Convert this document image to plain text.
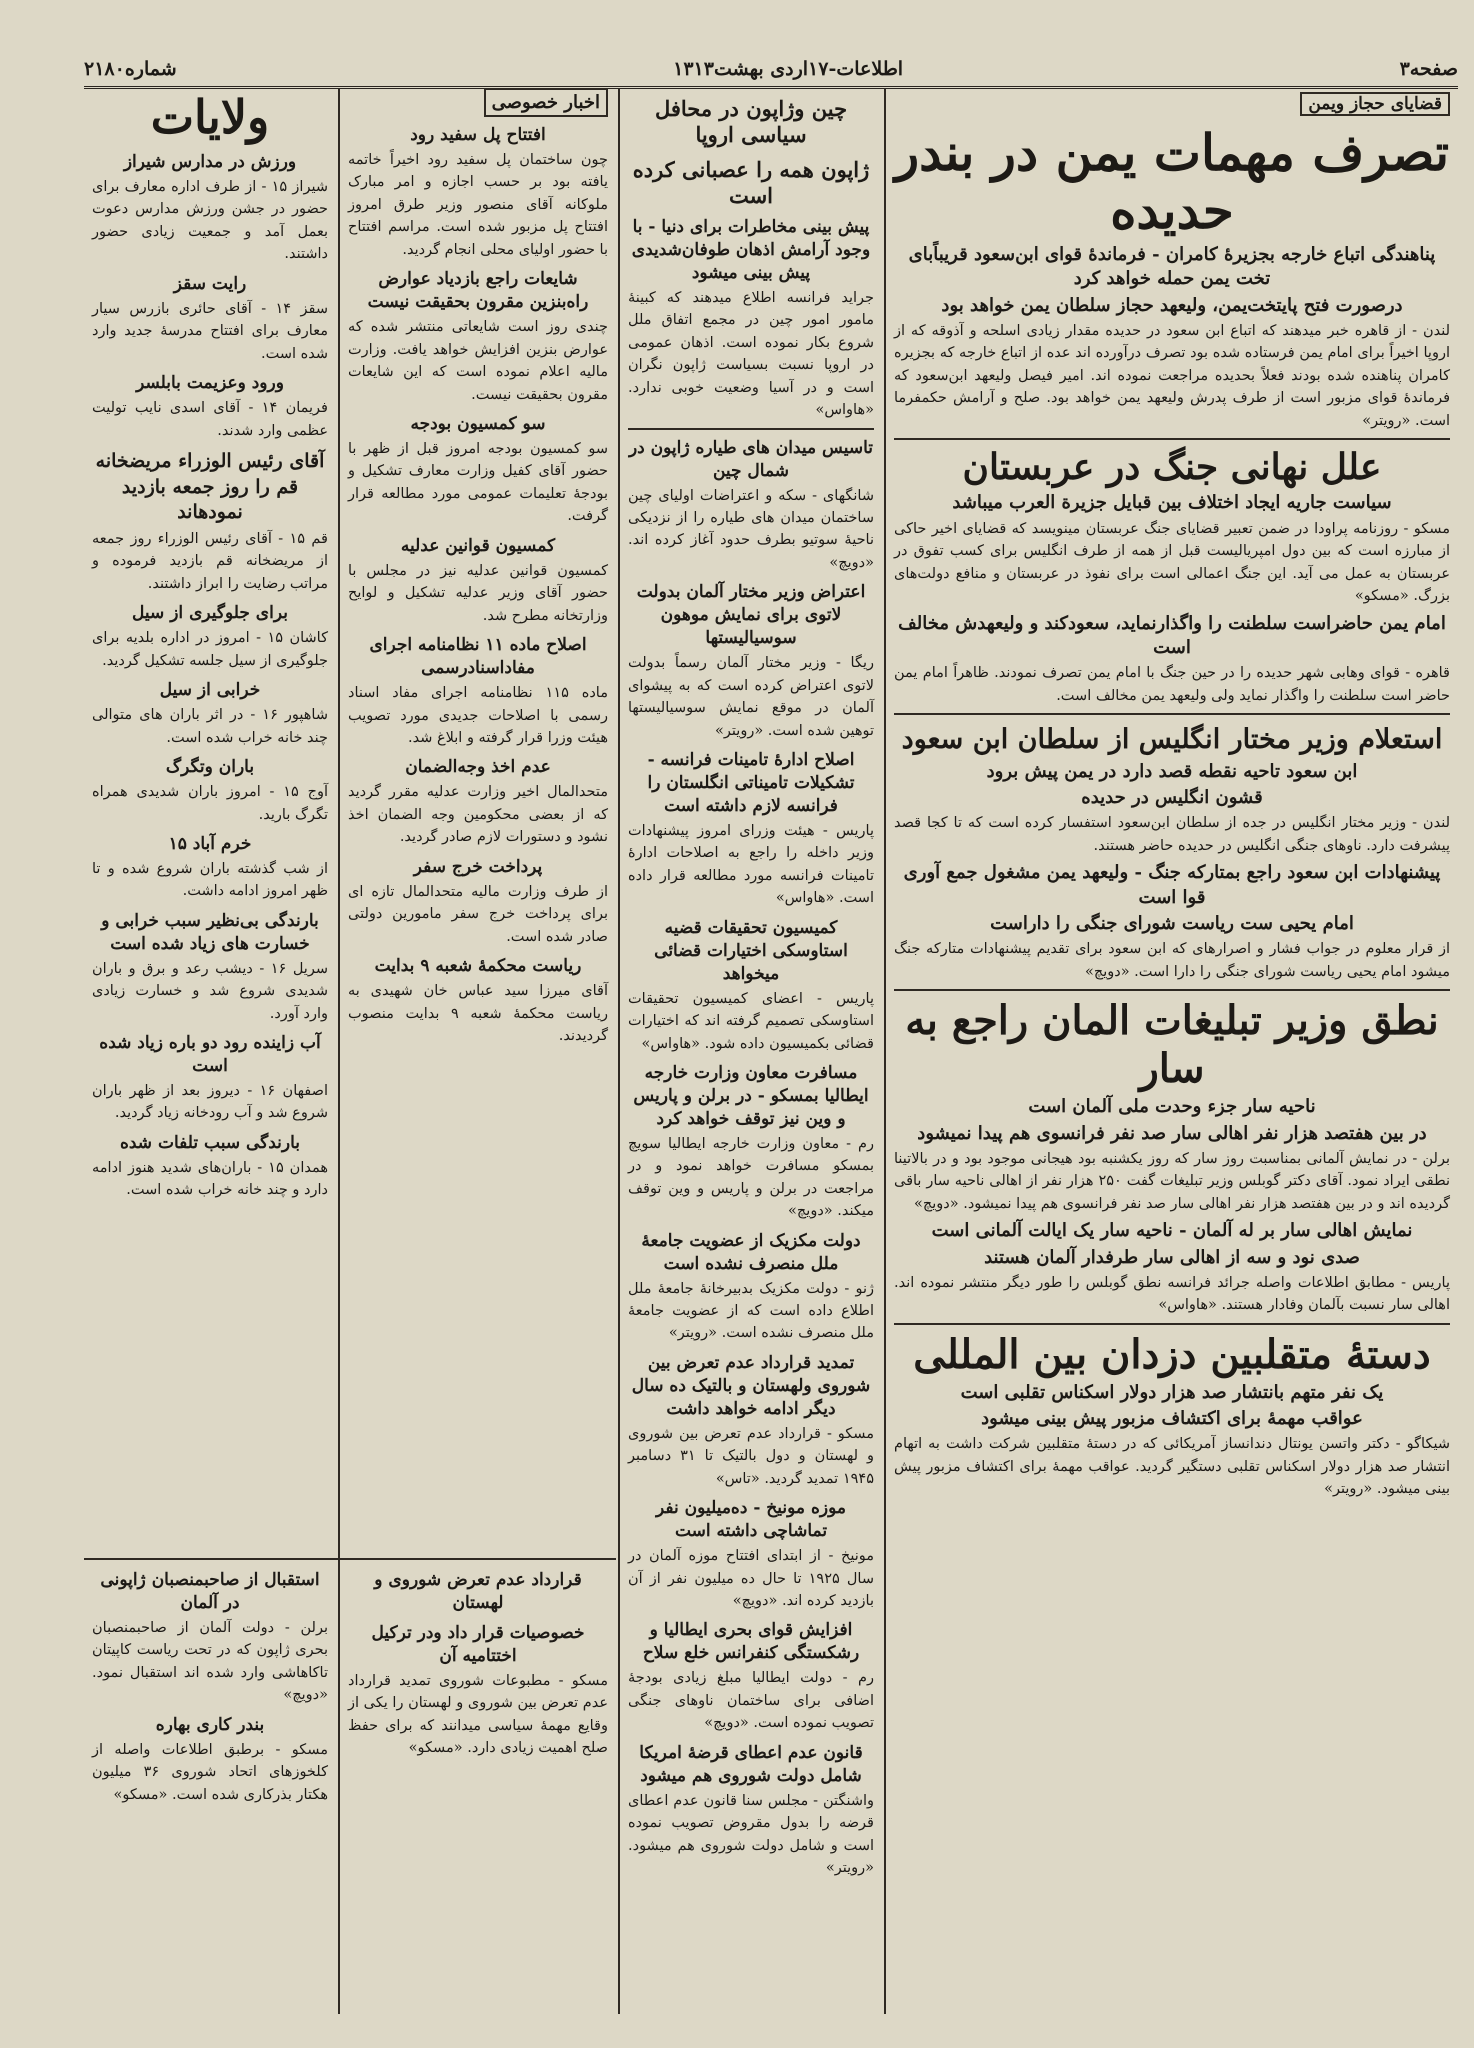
صفحه۳
اطلاعات-۱۷اردی بهشت۱۳۱۳
شماره۲۱۸۰
قضایای حجاز ویمن
تصرف مهمات یمن در بندر حدیده
پناهندگی اتباع خارجه بجزیرهٔ کامران - فرماندهٔ قوای ابن‌سعود قریباًبای تخت یمن حمله خواهد کرد
درصورت فتح پایتخت‌یمن، ولیعهد حجاز سلطان یمن خواهد بود

لندن - از قاهره خبر میدهند که اتباع ابن سعود در حدیده مقدار زیادی اسلحه و آذوقه که از اروپا اخیراً برای امام یمن فرستاده شده بود تصرف درآورده اند عده از اتباع خارجه که بجزیره کامران پناهنده شده بودند فعلاً بحدیده مراجعت نموده اند. امیر فیصل ولیعهد ابن‌سعود که فرماندهٔ قوای مزبور است از طرف پدرش ولیعهد یمن خواهد بود. صلح و آرامش حکمفرما است. «رویتر»

علل نهانی جنگ در عربستان
سیاست جاریه ایجاد اختلاف بین قبایل جزیرة العرب میباشد

مسکو - روزنامه پراودا در ضمن تعبیر قضایای جنگ عربستان مینویسد که قضایای اخیر حاکی از مبارزه است که بین دول امپریالیست قبل از همه از طرف انگلیس برای کسب تفوق در عربستان به عمل می آید. این جنگ اعمالی است برای نفوذ در عربستان و منافع دولت‌های بزرگ. «مسکو»

امام یمن حاضراست سلطنت را واگذارنماید، سعودکند و ولیعهدش مخالف است

قاهره - قوای وهابی شهر حدیده را در حین جنگ با امام یمن تصرف نمودند. ظاهراً امام یمن حاضر است سلطنت را واگذار نماید ولی ولیعهد یمن مخالف است.

استعلام وزیر مختار انگلیس از سلطان ابن سعود
ابن سعود تاحیه نقطه قصد دارد در یمن پیش برود
قشون انگلیس در حدیده

لندن - وزیر مختار انگلیس در جده از سلطان ابن‌سعود استفسار کرده است که تا کجا قصد پیشرفت دارد. ناوهای جنگی انگلیس در حدیده حاضر هستند.

پیشنهادات ابن سعود راجع بمتارکه جنگ - ولیعهد یمن مشغول جمع آوری قوا است
امام یحیی ست ریاست شورای جنگی را داراست

از قرار معلوم در جواب فشار و اصرار‌های که ابن سعود برای تقدیم پیشنهادات متارکه جنگ میشود امام یحیی ریاست شورای جنگی را دارا است. «دویچ»

نطق وزیر تبلیغات المان راجع به سار
ناحیه سار جزء وحدت ملی آلمان است
در بین هفتصد هزار نفر اهالی سار صد نفر فرانسوی هم پیدا نمیشود

برلن - در نمایش آلمانی بمناسبت روز سار که روز یکشنبه بود هیجانی موجود بود و در بالاتینا نطقی ایراد نمود. آقای دکتر گوبلس وزیر تبلیغات گفت ۲۵۰ هزار نفر از اهالی ناحیه سار باقی گردیده اند و در بین هفتصد هزار نفر اهالی سار صد نفر فرانسوی هم پیدا نمیشود. «دویچ»

نمایش اهالی سار بر له آلمان - ناحیه سار یک ایالت آلمانی است
صدی نود و سه از اهالی سار طرفدار آلمان هستند

پاریس - مطابق اطلاعات واصله جرائد فرانسه نطق گوبلس را طور دیگر منتشر نموده اند. اهالی سار نسبت بآلمان وفادار هستند. «هاواس»

دستهٔ متقلبین دزدان بین المللی
یک نفر متهم بانتشار صد هزار دولار اسکناس تقلبی است
عواقب مهمهٔ برای اکتشاف مزبور پیش بینی میشود

شیکاگو - دکتر واتسن یونتال دندانساز آمریکائی که در دستهٔ متقلبین شرکت داشت به اتهام انتشار صد هزار دولار اسکناس تقلبی دستگیر گردید. عواقب مهمهٔ برای اکتشاف مزبور پیش بینی میشود. «رویتر»

چین وژاپون در محافل سیاسی اروپا
ژاپون همه را عصبانی کرده است
پیش بینی مخاطرات برای دنیا - با وجود آرامش اذهان طوفان‌شدیدی پیش بینی میشود

جراید فرانسه اطلاع میدهند که کبینهٔ مامور امور چین در مجمع اتفاق ملل شروع بکار نموده است. اذهان عمومی در اروپا نسبت بسیاست ژاپون نگران است و در آسیا وضعیت خوبی ندارد. «هاواس»

تاسیس میدان های طیاره ژاپون در شمال چین

شانگهای - سکه و اعتراضات اولیای چین ساختمان میدان های طیاره را از نزدیکی ناحیهٔ سوتیو بطرف حدود آغاز کرده اند. «دویچ»

اعتراض وزیر مختار آلمان بدولت لاتوی برای نمایش موهون سوسیالیستها

ریگا - وزیر مختار آلمان رسماً بدولت لاتوی اعتراض کرده است که به پیشوای آلمان در موقع نمایش سوسیالیستها توهین شده است. «رویتر»

اصلاح ادارهٔ تامینات فرانسه - تشکیلات تامیناتی انگلستان را فرانسه لازم داشته است

پاریس - هیئت وزرای امروز پیشنهادات وزیر داخله را راجع به اصلاحات ادارهٔ تامینات فرانسه مورد مطالعه قرار داده است. «هاواس»

کمیسیون تحقیقات قضیه استاوسکی اختیارات قضائی میخواهد

پاریس - اعضای کمیسیون تحقیقات استاوسکی تصمیم گرفته اند که اختیارات قضائی بکمیسیون داده شود. «هاواس»

مسافرت معاون وزارت خارجه ایطالیا بمسکو - در برلن و پاریس و وین نیز توقف خواهد کرد

رم - معاون وزارت خارجه ایطالیا سویچ بمسکو مسافرت خواهد نمود و در مراجعت در برلن و پاریس و وین توقف میکند. «دویچ»

دولت مکزیک از عضویت جامعهٔ ملل منصرف نشده است

ژنو - دولت مکزیک بدبیرخانهٔ جامعهٔ ملل اطلاع داده است که از عضویت جامعهٔ ملل منصرف نشده است. «رویتر»

تمدید قرارداد عدم تعرض بین شوروی ولهستان و بالتیک ده سال دیگر ادامه خواهد داشت

مسکو - قرارداد عدم تعرض بین شوروی و لهستان و دول بالتیک تا ۳۱ دسامبر ۱۹۴۵ تمدید گردید. «تاس»

موزه مونیخ - ده‌میلیون نفر تماشاچی داشته است

مونیخ - از ابتدای افتتاح موزه آلمان در سال ۱۹۲۵ تا حال ده میلیون نفر از آن بازدید کرده اند. «دویچ»

افزایش قوای بحری ایطالیا و رشکستگی کنفرانس خلع سلاح

رم - دولت ایطالیا مبلغ زیادی بودجهٔ اضافی برای ساختمان ناوهای جنگی تصویب نموده است. «دویچ»

قانون عدم اعطای قرضهٔ امریکا شامل دولت شوروی هم میشود

واشنگتن - مجلس سنا قانون عدم اعطای قرضه را بدول مقروض تصویب نموده است و شامل دولت شوروی هم میشود. «رویتر»

اخبار خصوصی
افتتاح پل سفید رود

چون ساختمان پل سفید رود اخیراً خاتمه یافته بود بر حسب اجازه و امر مبارک ملوکانه آقای منصور وزیر طرق امروز افتتاح پل مزبور شده است. مراسم افتتاح با حضور اولیای محلی انجام گردید.

شایعات راجع بازدیاد عوارض راه‌بنزین مقرون بحقیقت نیست

چندی روز است شایعاتی منتشر شده که عوارض بنزین افزایش خواهد یافت. وزارت مالیه اعلام نموده است که این شایعات مقرون بحقیقت نیست.

سو کمسیون بودجه

سو کمسیون بودجه امروز قبل از ظهر با حضور آقای کفیل وزارت معارف تشکیل و بودجهٔ تعلیمات عمومی مورد مطالعه قرار گرفت.

کمسیون قوانین عدلیه

کمسیون قوانین عدلیه نیز در مجلس با حضور آقای وزیر عدلیه تشکیل و لوایح وزارتخانه مطرح شد.

اصلاح ماده ۱۱ نظامنامه اجرای مفاداسنادرسمی

ماده ۱۱۵ نظامنامه اجرای مفاد اسناد رسمی با اصلاحات جدیدی مورد تصویب هیئت وزرا قرار گرفته و ابلاغ شد.

عدم اخذ وجه‌الضمان

متحدالمال اخیر وزارت عدلیه مقرر گردید که از بعضی محکومین وجه الضمان اخذ نشود و دستورات لازم صادر گردید.

پرداخت خرج سفر

از طرف وزارت مالیه متحدالمال تازه ای برای پرداخت خرج سفر مامورین دولتی صادر شده است.

ریاست محکمهٔ شعبه ۹ بدایت

آقای میرزا سید عباس خان شهیدی به ریاست محکمهٔ شعبه ۹ بدایت منصوب گردیدند.

ولایات
ورزش در مدارس شیراز

شیراز ۱۵ - از طرف اداره معارف برای حضور در جشن ورزش مدارس دعوت بعمل آمد و جمعیت زیادی حضور داشتند.

رایت سقز

سقز ۱۴ - آقای حائری بازرس سیار معارف برای افتتاح مدرسهٔ جدید وارد شده است.

ورود وعزیمت بابلسر

فریمان ۱۴ - آقای اسدی نایب تولیت عظمی وارد شدند.

آقای رئیس الوزراء مریضخانه قم را روز جمعه بازدید نمودهاند

قم ۱۵ - آقای رئیس الوزراء روز جمعه از مریضخانه قم بازدید فرموده و مراتب رضایت را ابراز داشتند.

برای جلوگیری از سیل

کاشان ۱۵ - امروز در اداره بلدیه برای جلوگیری از سیل جلسه تشکیل گردید.

خرابی از سیل

شاهپور ۱۶ - در اثر باران های متوالی چند خانه خراب شده است.

باران وتگرگ

آوج ۱۵ - امروز باران شدیدی همراه تگرگ بارید.

خرم آباد ۱۵

از شب گذشته باران شروع شده و تا ظهر امروز ادامه داشت.

بارندگی بی‌نظیر سبب خرابی و خسارت های زیاد شده است

سریل ۱۶ - دیشب رعد و برق و باران شدیدی شروع شد و خسارت زیادی وارد آورد.

آب زاینده رود دو باره زیاد شده است

اصفهان ۱۶ - دیروز بعد از ظهر باران شروع شد و آب رودخانه زیاد گردید.

بارندگی سبب تلفات شده

همدان ۱۵ - باران‌های شدید هنوز ادامه دارد و چند خانه خراب شده است.

قرارداد عدم تعرض شوروی و لهستان
خصوصیات قرار داد ودر ترکیل اختتامیه آن

مسکو - مطبوعات شوروی تمدید قرارداد عدم تعرض بین شوروی و لهستان را یکی از وقایع مهمهٔ سیاسی میدانند که برای حفظ صلح اهمیت زیادی دارد. «مسکو»

استقبال از صاحبمنصبان ژاپونی در آلمان

برلن - دولت آلمان از صاحبمنصبان بحری ژاپون که در تحت ریاست کاپیتان تاکاهاشی وارد شده اند استقبال نمود. «دویچ»

بندر کاری بهاره

مسکو - برطبق اطلاعات واصله از کلخوزهای اتحاد شوروی ۳۶ میلیون هکتار بذرکاری شده است. «مسکو»
